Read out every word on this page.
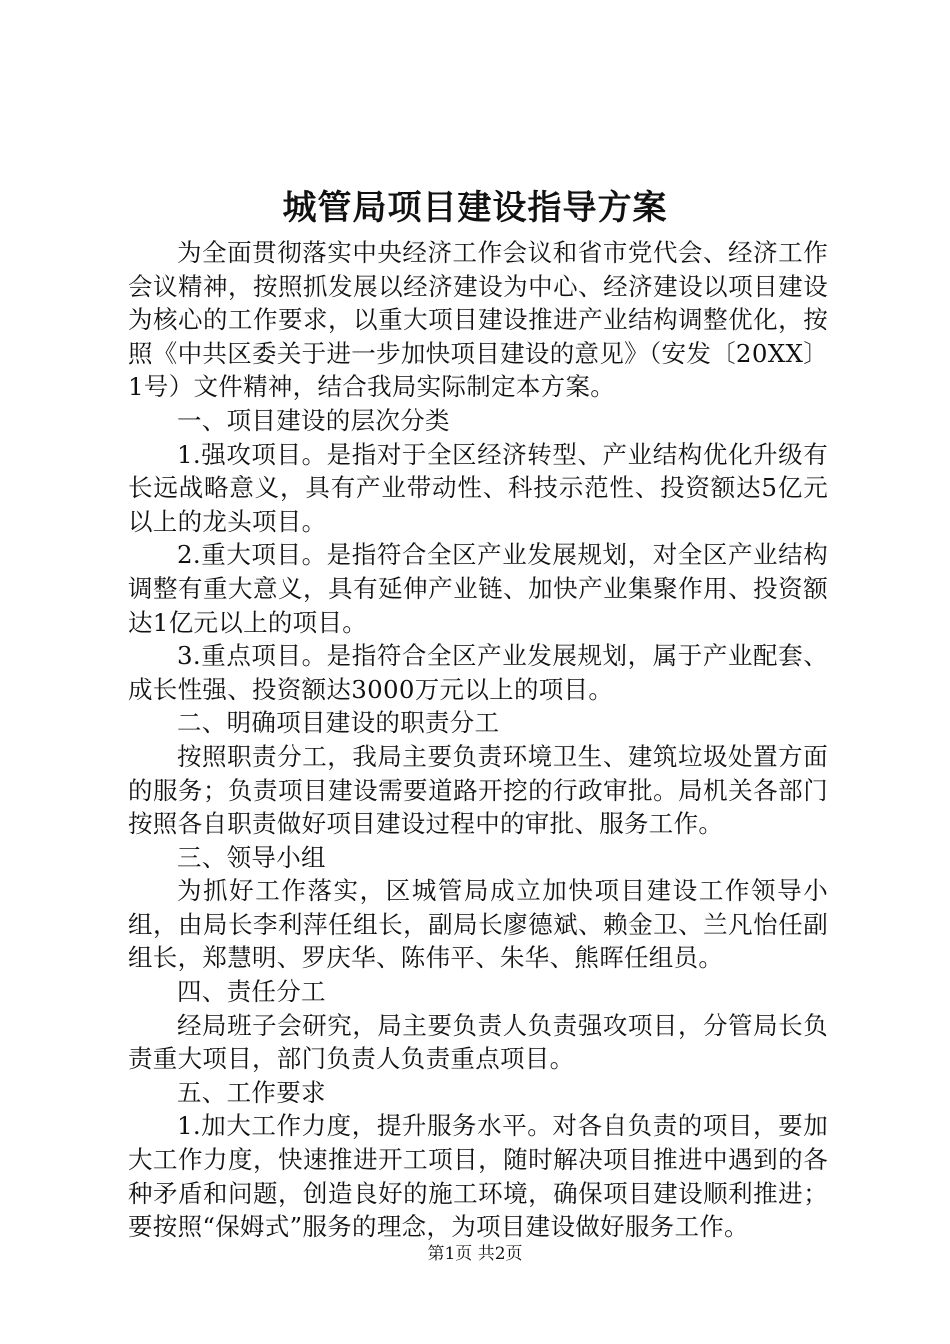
城管局项目建设指导方案

为全面贯彻落实中央经济工作会议和省市党代会、经济工作会议精神，按照抓发展以经济建设为中心、经济建设以项目建设为核心的工作要求，以重大项目建设推进产业结构调整优化，按照《中共区委关于进一步加快项目建设的意见》（安发〔20XX〕1号）文件精神，结合我局实际制定本方案。

一、项目建设的层次分类

1.强攻项目。是指对于全区经济转型、产业结构优化升级有长远战略意义，具有产业带动性、科技示范性、投资额达5亿元以上的龙头项目。

2.重大项目。是指符合全区产业发展规划，对全区产业结构调整有重大意义，具有延伸产业链、加快产业集聚作用、投资额达1亿元以上的项目。

3.重点项目。是指符合全区产业发展规划，属于产业配套、成长性强、投资额达3000万元以上的项目。

二、明确项目建设的职责分工

按照职责分工，我局主要负责环境卫生、建筑垃圾处置方面的服务；负责项目建设需要道路开挖的行政审批。局机关各部门按照各自职责做好项目建设过程中的审批、服务工作。

三、领导小组

为抓好工作落实，区城管局成立加快项目建设工作领导小组，由局长李利萍任组长，副局长廖德斌、赖金卫、兰凡怡任副组长，郑慧明、罗庆华、陈伟平、朱华、熊晖任组员。

四、责任分工

经局班子会研究，局主要负责人负责强攻项目，分管局长负责重大项目，部门负责人负责重点项目。

五、工作要求

1.加大工作力度，提升服务水平。对各自负责的项目，要加大工作力度，快速推进开工项目，随时解决项目推进中遇到的各种矛盾和问题，创造良好的施工环境，确保项目建设顺利推进；要按照“保姆式”服务的理念，为项目建设做好服务工作。

第1页 共2页
